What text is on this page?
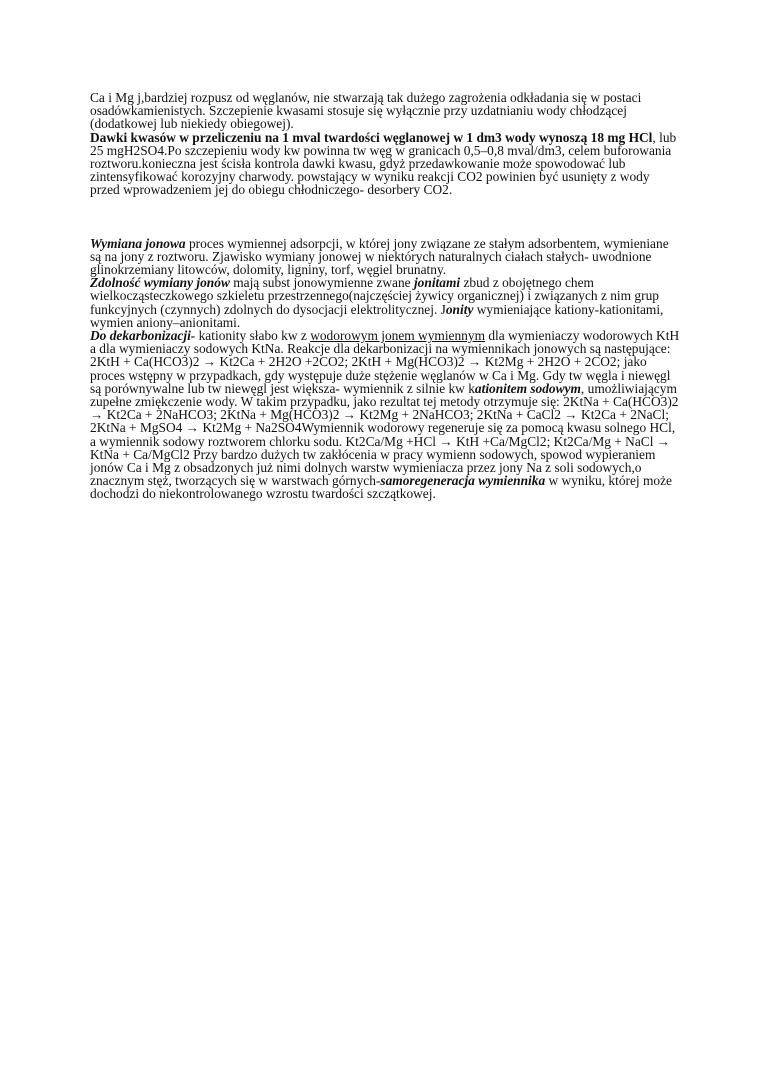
Ca i Mg j,bardziej rozpusz od węglanów, nie stwarzają tak dużego zagrożenia odkładania się w postaci osadówkamienistych. Szczepienie kwasami stosuje się wyłącznie przy uzdatnianiu wody chłodzącej (dodatkowej lub niekiedy obiegowej).

Dawki kwasów w przeliczeniu na 1 mval twardości węglanowej w 1 dm3 wody wynoszą 18 mg HCl, lub 25 mgH2SO4.Po szczepieniu wody kw powinna tw węg w granicach 0,5–0,8 mval/dm3, celem buforowania roztworu.konieczna jest ścisła kontrola dawki kwasu, gdyż przedawkowanie może spowodować lub zintensyfikować korozyjny charwody. powstający w wyniku reakcji CO2 powinien być usunięty z wody przed wprowadzeniem jej do obiegu chłodniczego- desorbery CO2.

Wymiana jonowa proces wymiennej adsorpcji, w której jony związane ze stałym adsorbentem, wymieniane są na jony z roztworu. Zjawisko wymiany jonowej w niektórych naturalnych ciałach stałych- uwodnione glinokrzemiany litowców, dolomity, ligniny, torf, węgiel brunatny.

Zdolność wymiany jonów mają subst jonowymienne zwane jonitami zbud z obojętnego chem wielkocząsteczkowego szkieletu przestrzennego(najczęściej żywicy organicznej) i związanych z nim grup funkcyjnych (czynnych) zdolnych do dysocjacji elektrolitycznej. Jonity wymieniające kationy-kationitami, wymien aniony–anionitami.

Do dekarbonizacji- kationity słabo kw z wodorowym jonem wymiennym dla wymieniaczy wodorowych KtH a dla wymieniaczy sodowych KtNa. Reakcje dla dekarbonizacji na wymiennikach jonowych są następujące: 2KtH + Ca(HCO3)2 → Kt2Ca + 2H2O +2CO2; 2KtH + Mg(HCO3)2 → Kt2Mg + 2H2O + 2CO2; jako proces wstępny w przypadkach, gdy występuje duże stężenie węglanów w Ca i Mg. Gdy tw węgla i niewęgl są porównywalne lub tw niewęgl jest większa- wymiennik z silnie kw kationitem sodowym, umożliwiającym zupełne zmiękczenie wody. W takim przypadku, jako rezultat tej metody otrzymuje się: 2KtNa + Ca(HCO3)2 → Kt2Ca + 2NaHCO3; 2KtNa + Mg(HCO3)2 → Kt2Mg + 2NaHCO3; 2KtNa + CaCl2 → Kt2Ca + 2NaCl; 2KtNa + MgSO4 → Kt2Mg + Na2SO4Wymiennik wodorowy regeneruje się za pomocą kwasu solnego HCl, a wymiennik sodowy roztworem chlorku sodu. Kt2Ca/Mg +HCl → KtH +Ca/MgCl2; Kt2Ca/Mg + NaCl → KtNa + Ca/MgCl2 Przy bardzo dużych tw zakłócenia w pracy wymienn sodowych, spowod wypieraniem jonów Ca i Mg z obsadzonych już nimi dolnych warstw wymieniacza przez jony Na z soli sodowych,o znacznym stęż, tworzących się w warstwach górnych-samoregeneracja wymiennika w wyniku, której może dochodzi do niekontrolowanego wzrostu twardości szczątkowej.
